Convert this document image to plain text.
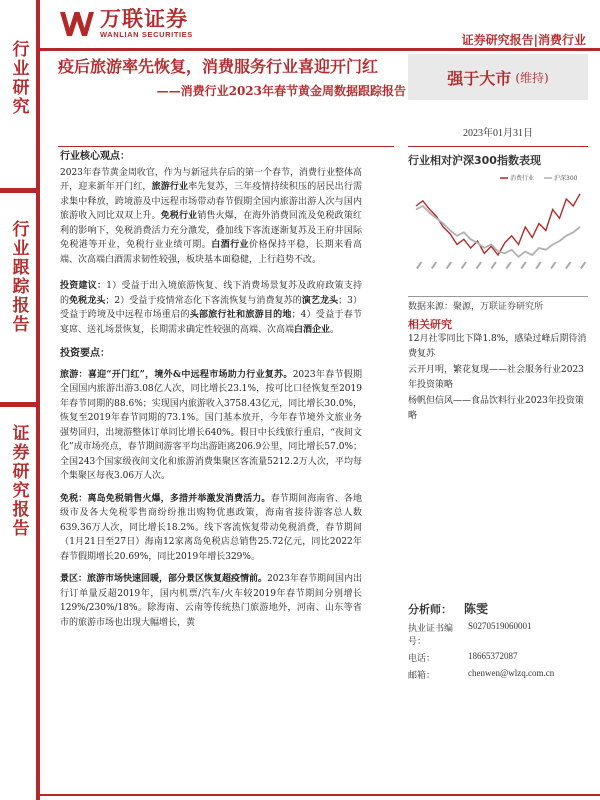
行业研究
行业跟踪报告
证券研究报告
万联证券
WANLIAN SECURITIES	证券研究报告|消费行业
疫后旅游率先恢复，消费服务行业喜迎开门红
——消费行业2023年春节黄金周数据跟踪报告
强于大市 (维持)
2023年01月31日
行业核心观点：

2023年春节黄金周收官，作为与新冠共存后的第一个春节，消费行业整体高开，迎来新年开门红，旅游行业率先复苏，三年疫情持续积压的居民出行需求集中释放，跨境游及中远程市场带动春节假期全国内旅游出游人次与国内旅游收入同比双双上升。免税行业销售火爆，在海外消费回流及免税政策红利的影响下，免税消费活力充分激发，叠加线下客流逐渐复苏及王府井国际免税港等开业，免税行业业绩可期。白酒行业价格保持平稳，长期来看高端、次高端白酒需求韧性较强，板块基本面稳健，上行趋势不改。

投资建议：1）受益于出入境旅游恢复、线下消费场景复苏及政府政策支持的免税龙头；2）受益于疫情常态化下客流恢复与消费复苏的演艺龙头；3）受益于跨境及中远程市场重启的头部旅行社和旅游目的地；4）受益于春节宴席、送礼场景恢复，长期需求确定性较强的高端、次高端白酒企业。

投资要点：

旅游：喜迎“开门红”，境外&中远程市场助力行业复苏。2023年春节假期全国国内旅游出游3.08亿人次，同比增长23.1%，按可比口径恢复至2019年春节同期的88.6%；实现国内旅游收入3758.43亿元，同比增长30.0%，恢复至2019年春节同期的73.1%。国门基本放开，今年春节境外文旅业务强势回归，出境游整体订单同比增长640%。假日中长线旅行重启，“夜间文化”成市场亮点，春节期间游客平均出游距离206.9公里，同比增长57.0%；全国243个国家级夜间文化和旅游消费集聚区客流量5212.2万人次，平均每个集聚区每夜3.06万人次。

免税：离岛免税销售火爆，多措并举激发消费活力。春节期间海南省、各地级市及各大免税零售商纷纷推出购物优惠政策，海南省接待游客总人数639.36万人次，同比增长18.2%。线下客流恢复带动免税消费，春节期间（1月21日至27日）海南12家离岛免税店总销售25.72亿元，同比2022年春节假期增长20.69%，同比2019年增长329%。

景区：旅游市场快速回暖，部分景区恢复超疫情前。2023年春节期间国内出行订单量反超2019年，国内机票/汽车/火车较2019年春节期间分别增长129%/230%/18%。除海南、云南等传统热门旅游地外，河南、山东等省市的旅游市场也出现大幅增长，黄

行业相对沪深300指数表现
消费行业	沪深300
数据来源：聚源，万联证券研究所
相关研究
12月社零同比下降1.8%，感染过峰后期待消费复苏
云开月明，繁花复现——社会服务行业2023年投资策略
杨帆但信风——食品饮料行业2023年投资策略
分析师：	陈雯
执业证书编号：
S0270519060001
电话：	18665372087
邮箱：	chenwen@wlzq.com.cn
